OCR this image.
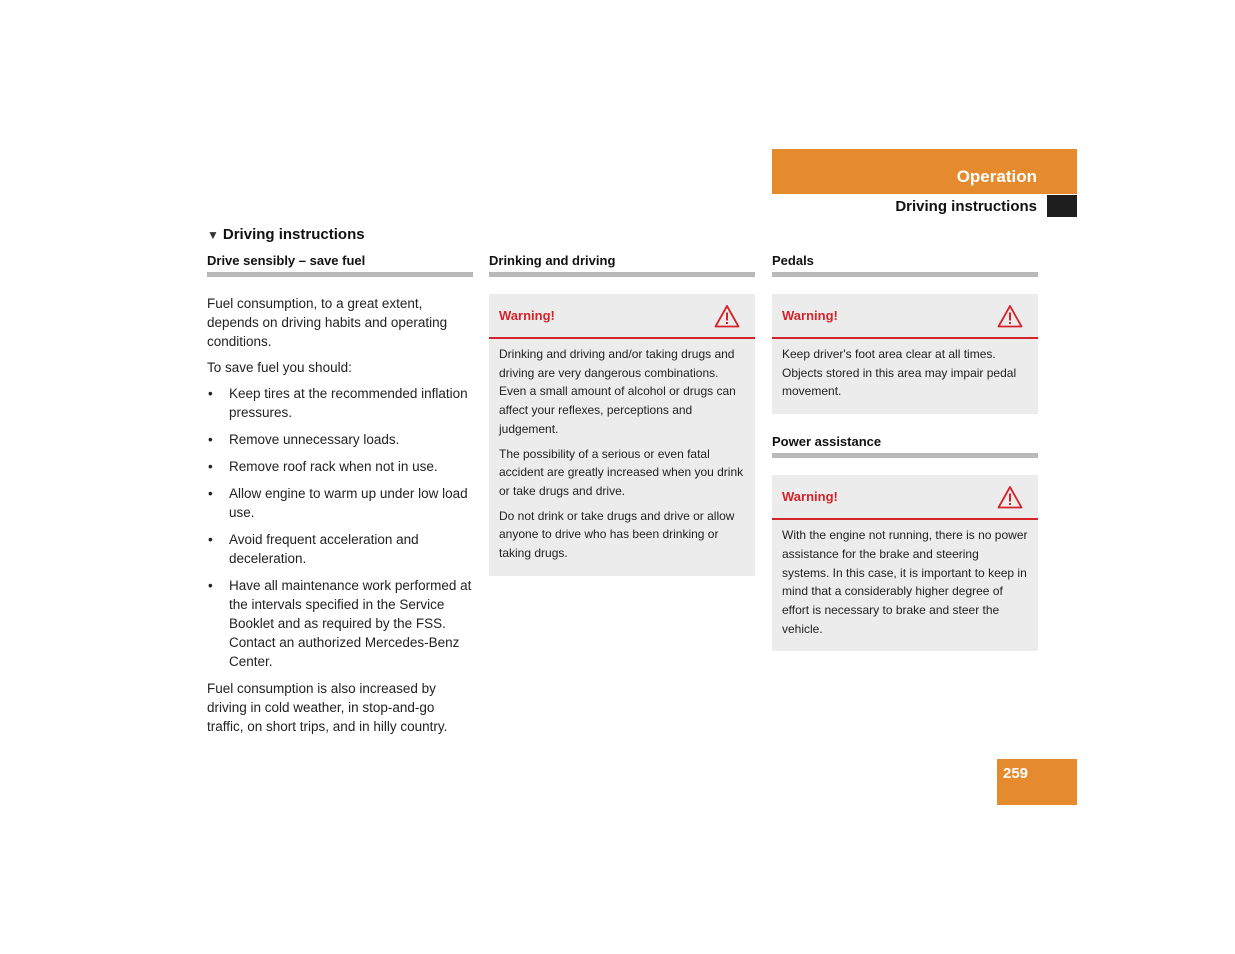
Operation
Driving instructions
▼ Driving instructions
Drive sensibly – save fuel

Fuel consumption, to a great extent, depends on driving habits and operating conditions.

To save fuel you should:

• Keep tires at the recommended inflation pressures.
• Remove unnecessary loads.
• Remove roof rack when not in use.
• Allow engine to warm up under low load use.
• Avoid frequent acceleration and deceleration.
• Have all maintenance work performed at the intervals specified in the Service Booklet and as required by the FSS. Contact an authorized Mercedes-Benz Center.

Fuel consumption is also increased by driving in cold weather, in stop-and-go traffic, on short trips, and in hilly country.

Drinking and driving
Warning!

Drinking and driving and/or taking drugs and driving are very dangerous combinations. Even a small amount of alcohol or drugs can affect your reflexes, perceptions and judgement.

The possibility of a serious or even fatal accident are greatly increased when you drink or take drugs and drive.

Do not drink or take drugs and drive or allow anyone to drive who has been drinking or taking drugs.

Pedals
Warning!

Keep driver's foot area clear at all times. Objects stored in this area may impair pedal movement.

Power assistance
Warning!

With the engine not running, there is no power assistance for the brake and steering systems. In this case, it is important to keep in mind that a considerably higher degree of effort is necessary to brake and steer the vehicle.

259
